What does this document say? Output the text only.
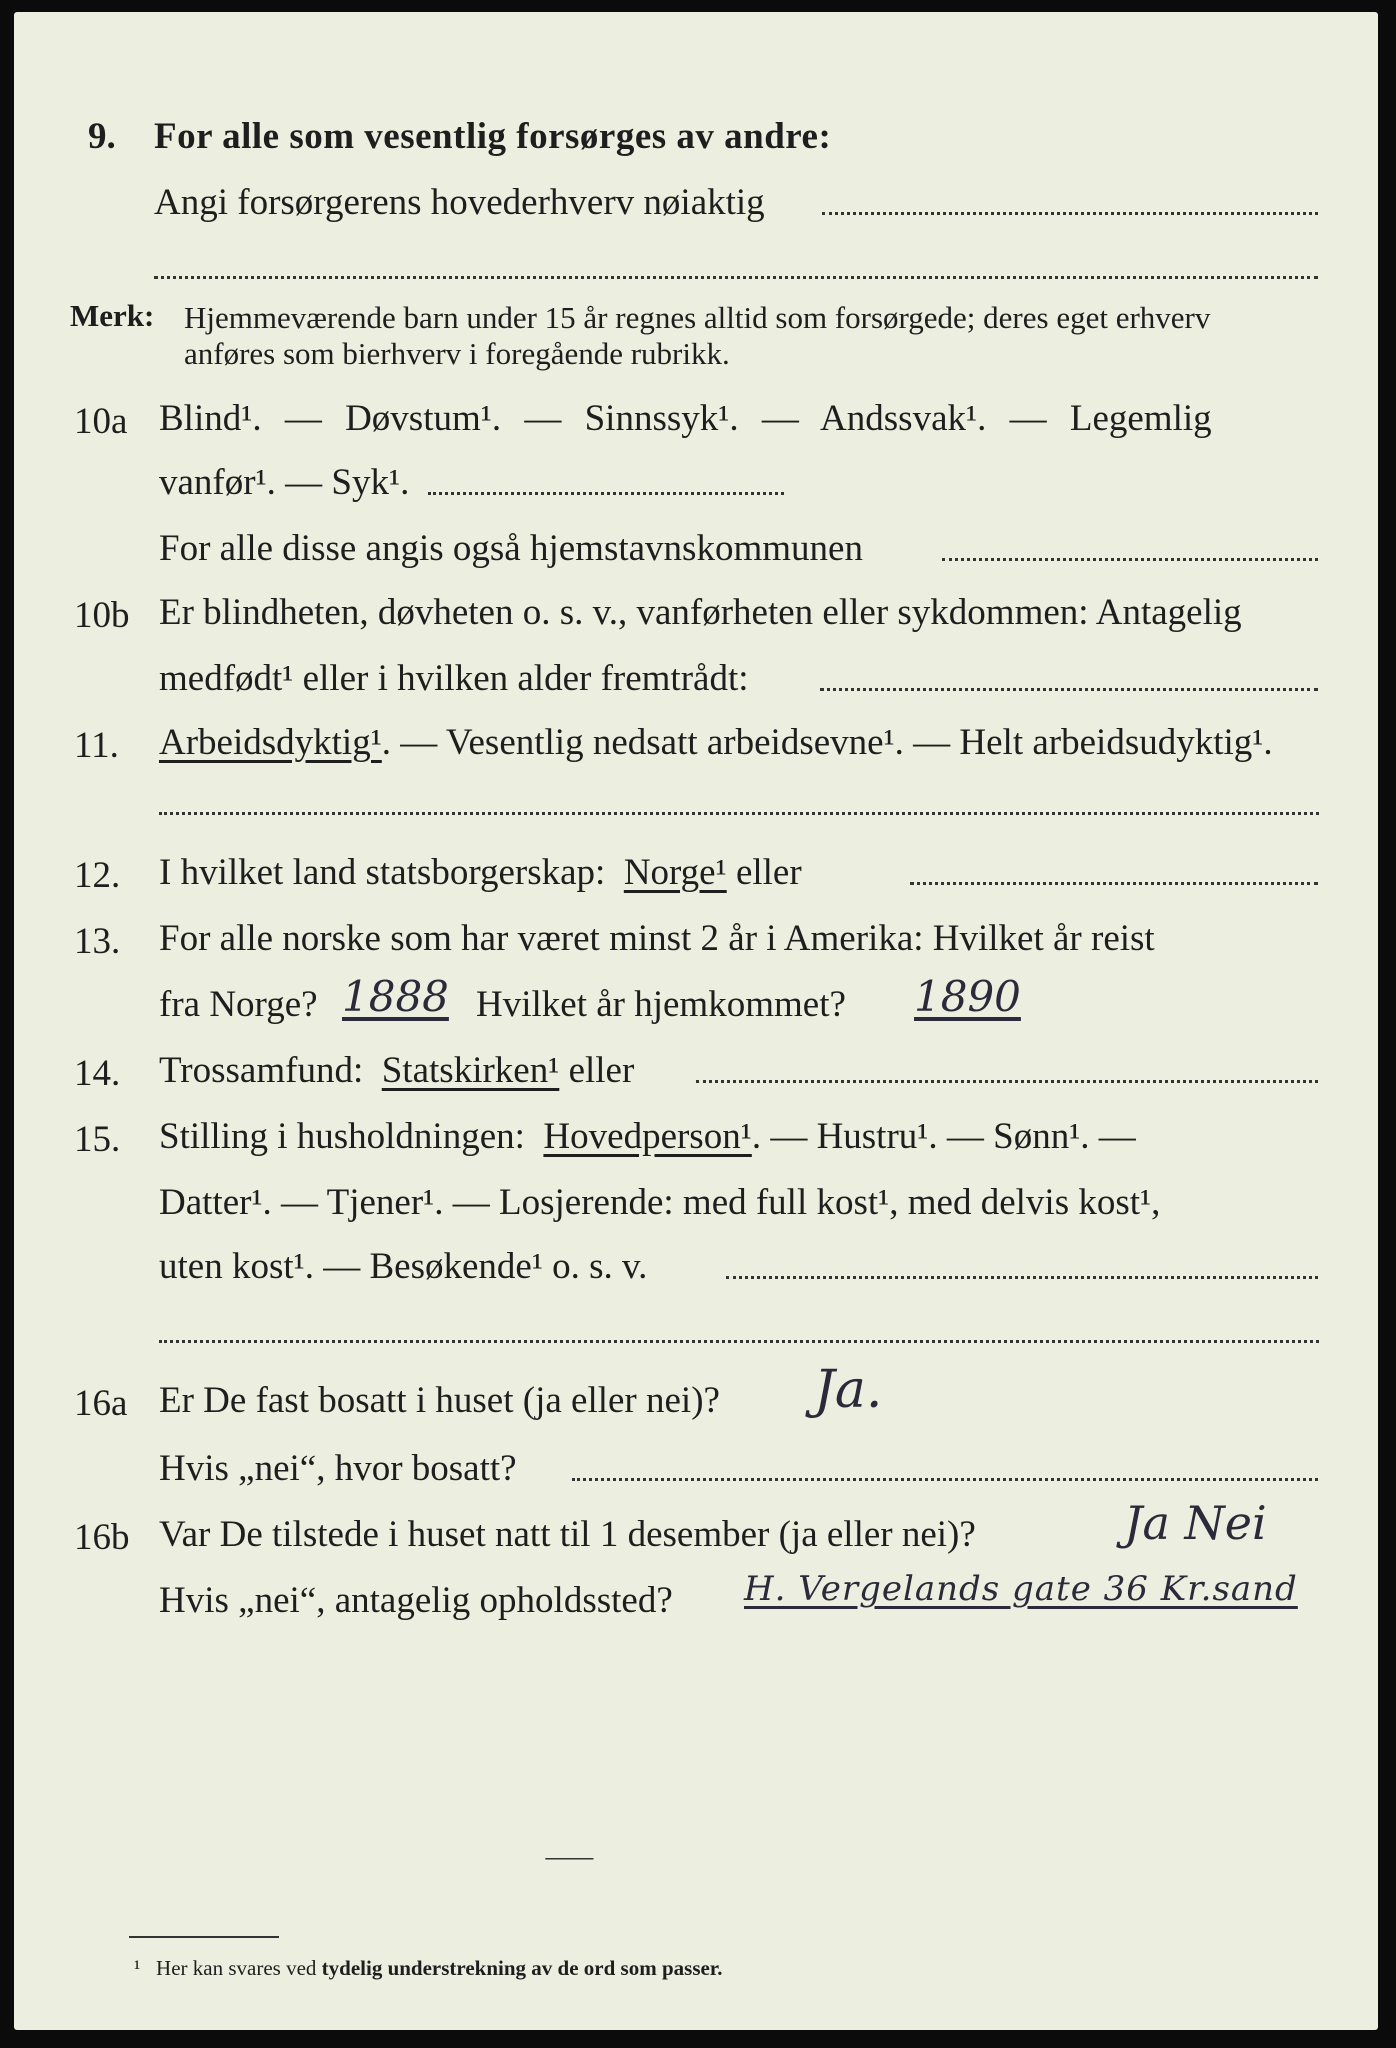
9. For alle som vesentlig forsørges av andre:
Angi forsørgerens hovederhverv nøiaktig
Merk: Hjemmeværende barn under 15 år regnes alltid som forsørgede; deres eget erhverv
anføres som bierhverv i foregående rubrikk.
10a Blind¹. — Døvstum¹. — Sinnssyk¹. — Andssvak¹. — Legemlig
vanfør¹. — Syk¹.
For alle disse angis også hjemstavnskommunen
10b Er blindheten, døvheten o. s. v., vanførheten eller sykdommen: Antagelig
medfødt¹ eller i hvilken alder fremtrådt:
11. Arbeidsdyktig¹. — Vesentlig nedsatt arbeidsevne¹. — Helt arbeidsudyktig¹.
12. I hvilket land statsborgerskap: Norge¹ eller
13. For alle norske som har været minst 2 år i Amerika: Hvilket år reist
fra Norge? 1888 Hvilket år hjemkommet? 1890
14. Trossamfund: Statskirken¹ eller
15. Stilling i husholdningen: Hovedperson¹. — Hustru¹. — Sønn¹. —
Datter¹. — Tjener¹. — Losjerende: med full kost¹, med delvis kost¹,
uten kost¹. — Besøkende¹ o. s. v.
16a Er De fast bosatt i huset (ja eller nei)? Ja.
Hvis „nei“, hvor bosatt?
16b Var De tilstede i huset natt til 1 desember (ja eller nei)?	Ja Nei
Hvis „nei“, antagelig opholdssted? H. Vergelands gate 36 Kr.sand
⸺
¹ Her kan svares ved tydelig understrekning av de ord som passer.
